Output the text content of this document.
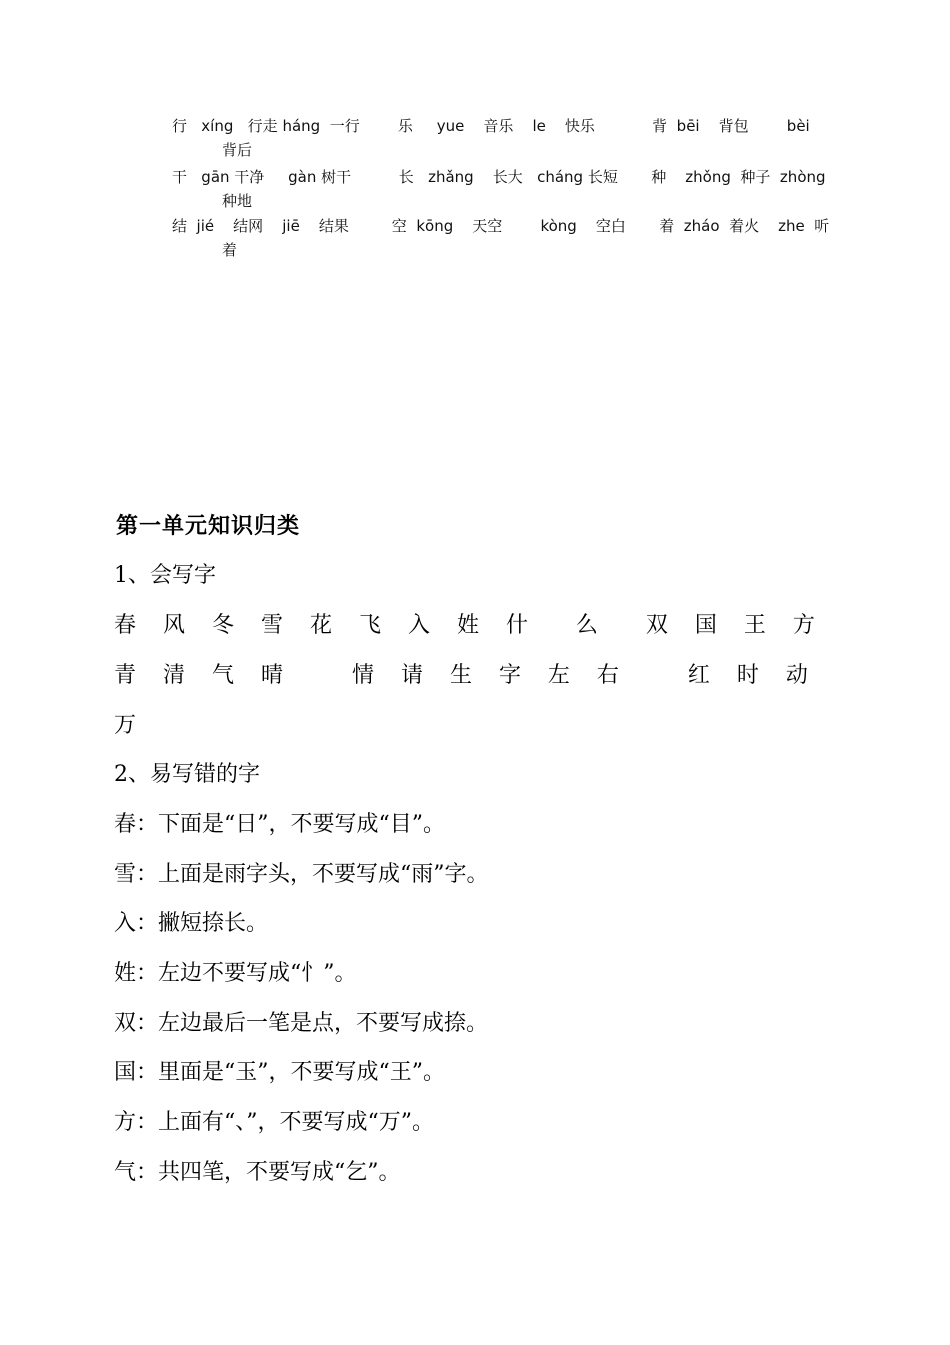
行   xíng   行走 háng  一行        乐     yue    音乐    le    快乐            背  bēi    背包        bèi
背后
干   gān 干净     gàn 树干          长   zhǎng    长大   cháng 长短       种    zhǒng  种子  zhòng
种地
结  jié    结网    jiē    结果         空  kōng    天空        kòng    空白       着  zháo  着火    zhe  听
着
第一单元知识归类
1、会写字
春 风 冬 雪 花 飞 入 姓 什  么  双 国 王 方
青 清 气 晴   情 请 生 字 左 右   红 时 动
万
2、易写错的字
春：下面是“日”，不要写成“目”。
雪：上面是雨字头，不要写成“雨”字。
入：撇短捺长。
姓：左边不要写成“忄”。
双：左边最后一笔是点，不要写成捺。
国：里面是“玉”，不要写成“王”。
方：上面有“、”，不要写成“万”。
气：共四笔，不要写成“乞”。
